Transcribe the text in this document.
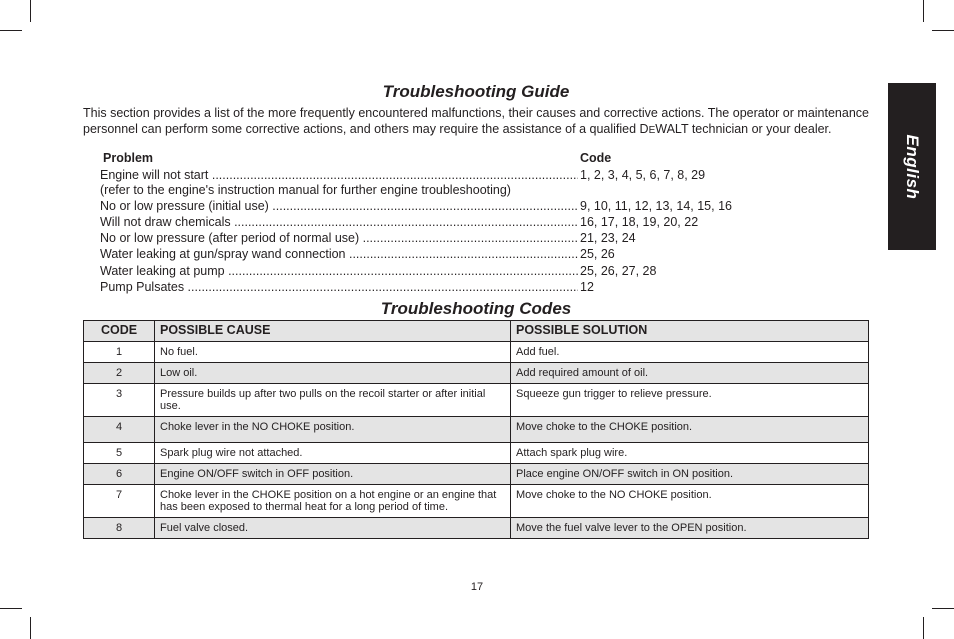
English
Troubleshooting Guide
This section provides a list of the more frequently encountered malfunctions, their causes and corrective actions. The operator or maintenance personnel can perform some corrective actions, and others may require the assistance of a qualified DEWALT technician or your dealer.
Problem	Code
Engine will not start .....	1, 2, 3, 4, 5, 6, 7, 8, 29
(refer to the engine's instruction manual for further engine troubleshooting)
No or low pressure (initial use) .....	9, 10, 11, 12, 13, 14, 15, 16
Will not draw chemicals .....	16, 17, 18, 19, 20, 22
No or low pressure (after period of normal use) .....	21, 23, 24
Water leaking at gun/spray wand connection .....	25, 26
Water leaking at pump .....	25, 26, 27, 28
Pump Pulsates .....	12
Troubleshooting Codes
CODE	POSSIBLE CAUSE	POSSIBLE SOLUTION
1	No fuel.	Add fuel.
2	Low oil.	Add required amount of oil.
3	Pressure builds up after two pulls on the recoil starter or after initial use.	Squeeze gun trigger to relieve pressure.
4	Choke lever in the NO CHOKE position.	Move choke to the CHOKE position.
5	Spark plug wire not attached.	Attach spark plug wire.
6	Engine ON/OFF switch in OFF position.	Place engine ON/OFF switch in ON position.
7	Choke lever in the CHOKE position on a hot engine or an engine that has been exposed to thermal heat for a long period of time.	Move choke to the NO CHOKE position.
8	Fuel valve closed.	Move the fuel valve lever to the OPEN position.
17
